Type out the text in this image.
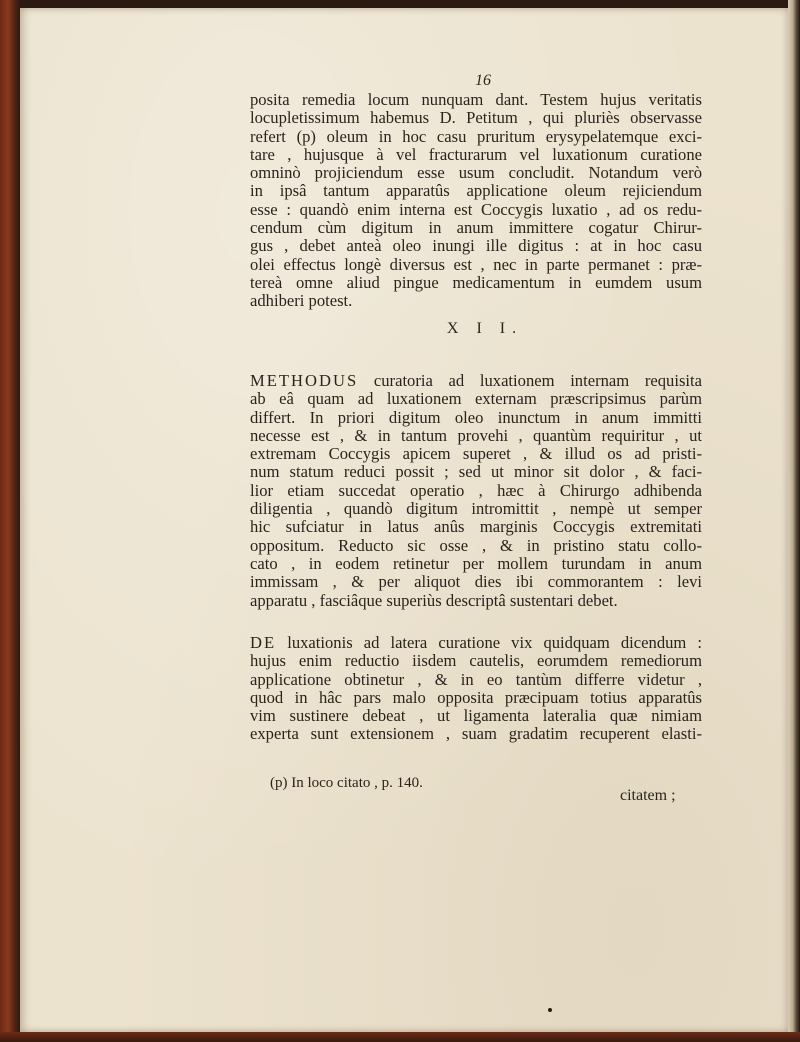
16
posita remedia locum nunquam dant. Testem hujus veritatis
locupletissimum habemus D. Petitum , qui pluriès observasse
refert (p) oleum in hoc casu pruritum erysypelatemque exci-
tare , hujusque à vel fracturarum vel luxationum curatione
omninò projiciendum esse usum concludit. Notandum verò
in ipsâ tantum apparatûs applicatione oleum rejiciendum
esse : quandò enim interna est Coccygis luxatio , ad os redu-
cendum cùm digitum in anum immittere cogatur Chirur-
gus , debet anteà oleo inungi ille digitus : at in hoc casu
olei effectus longè diversus est , nec in parte permanet : præ-
tereà omne aliud pingue medicamentum in eumdem usum
adhiberi potest.
X I I.
METHODUS curatoria ad luxationem internam requisita
ab eâ quam ad luxationem externam præscripsimus parùm
differt. In priori digitum oleo inunctum in anum immitti
necesse est , & in tantum provehi , quantùm requiritur , ut
extremam Coccygis apicem superet , & illud os ad pristi-
num statum reduci possit ; sed ut minor sit dolor , & faci-
lior etiam succedat operatio , hæc à Chirurgo adhibenda
diligentia , quandò digitum intromittit , nempè ut semper
hic sufciatur in latus anûs marginis Coccygis extremitati
oppositum. Reducto sic osse , & in pristino statu collo-
cato , in eodem retinetur per mollem turundam in anum
immissam , & per aliquot dies ibi commorantem : levi
apparatu , fasciâque superiùs descriptâ sustentari debet.
DE luxationis ad latera curatione vix quidquam dicendum :
hujus enim reductio iisdem cautelis, eorumdem remediorum
applicatione obtinetur , & in eo tantùm differre videtur ,
quod in hâc pars malo opposita præcipuam totius apparatûs
vim sustinere debeat , ut ligamenta lateralia quæ nimiam
experta sunt extensionem , suam gradatim recuperent elasti-
(p) In loco citato , p. 140.
citatem ;
